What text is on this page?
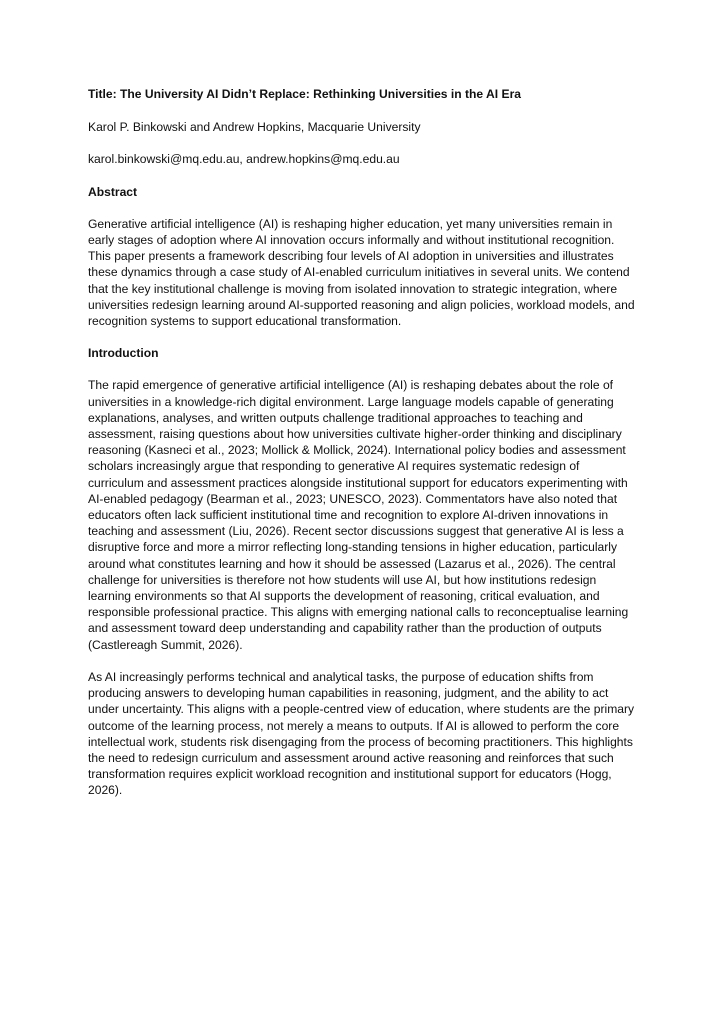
Title: The University AI Didn’t Replace: Rethinking Universities in the AI Era
Karol P. Binkowski and Andrew Hopkins, Macquarie University
karol.binkowski@mq.edu.au, andrew.hopkins@mq.edu.au
Abstract
Generative artificial intelligence (AI) is reshaping higher education, yet many universities remain in early stages of adoption where AI innovation occurs informally and without institutional recognition. This paper presents a framework describing four levels of AI adoption in universities and illustrates these dynamics through a case study of AI-enabled curriculum initiatives in several units. We contend that the key institutional challenge is moving from isolated innovation to strategic integration, where universities redesign learning around AI-supported reasoning and align policies, workload models, and recognition systems to support educational transformation.
Introduction
The rapid emergence of generative artificial intelligence (AI) is reshaping debates about the role of universities in a knowledge-rich digital environment. Large language models capable of generating explanations, analyses, and written outputs challenge traditional approaches to teaching and assessment, raising questions about how universities cultivate higher-order thinking and disciplinary reasoning (Kasneci et al., 2023; Mollick & Mollick, 2024). International policy bodies and assessment scholars increasingly argue that responding to generative AI requires systematic redesign of curriculum and assessment practices alongside institutional support for educators experimenting with AI-enabled pedagogy (Bearman et al., 2023; UNESCO, 2023). Commentators have also noted that educators often lack sufficient institutional time and recognition to explore AI-driven innovations in teaching and assessment (Liu, 2026). Recent sector discussions suggest that generative AI is less a disruptive force and more a mirror reflecting long-standing tensions in higher education, particularly around what constitutes learning and how it should be assessed (Lazarus et al., 2026). The central challenge for universities is therefore not how students will use AI, but how institutions redesign learning environments so that AI supports the development of reasoning, critical evaluation, and responsible professional practice. This aligns with emerging national calls to reconceptualise learning and assessment toward deep understanding and capability rather than the production of outputs (Castlereagh Summit, 2026).
As AI increasingly performs technical and analytical tasks, the purpose of education shifts from producing answers to developing human capabilities in reasoning, judgment, and the ability to act under uncertainty. This aligns with a people-centred view of education, where students are the primary outcome of the learning process, not merely a means to outputs. If AI is allowed to perform the core intellectual work, students risk disengaging from the process of becoming practitioners. This highlights the need to redesign curriculum and assessment around active reasoning and reinforces that such transformation requires explicit workload recognition and institutional support for educators (Hogg, 2026).
